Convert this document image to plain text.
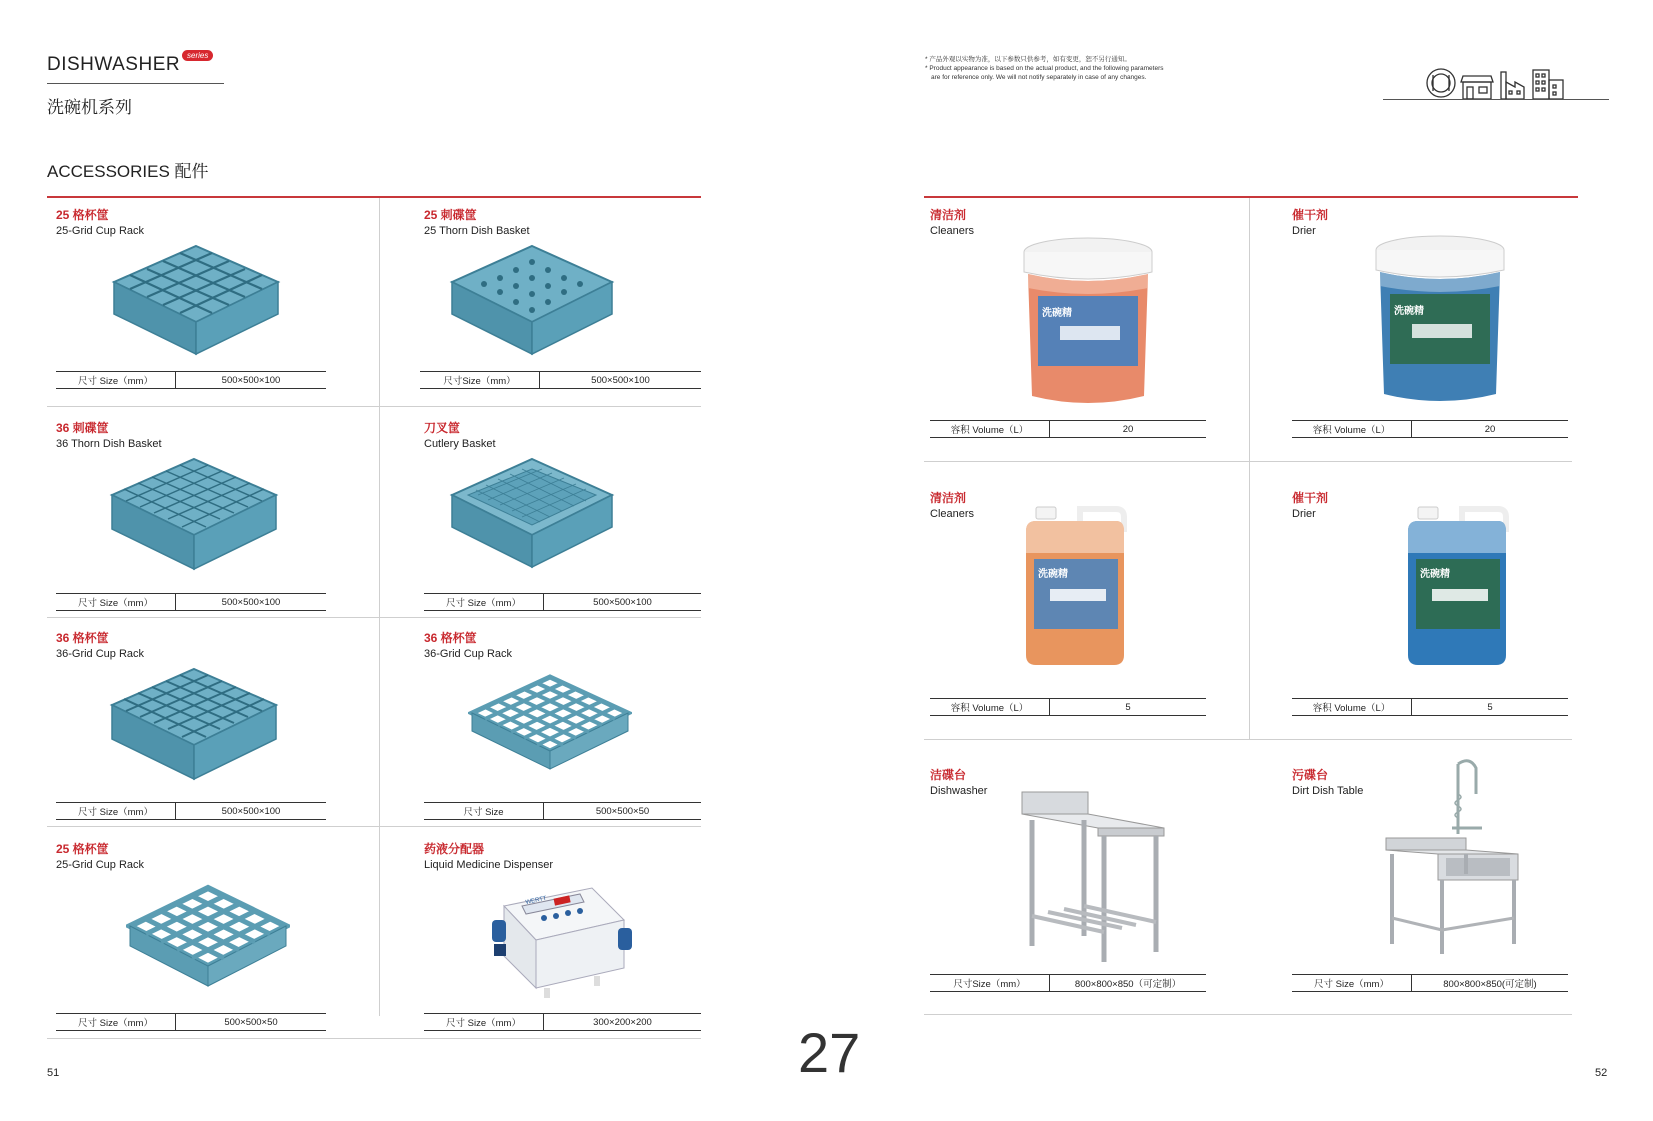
DISHWASHER series
洗碗机系列
ACCESSORIES 配件
* 产品外观以实物为准，以下参数只供参考，如有变更，恕不另行通知。
* Product appearance is based on the actual product, and the following parameters
are for reference only. We will not notify separately in case of any changes.
25 格杯筐
25-Grid Cup Rack
尺寸 Size（mm）	500×500×100
25 刺碟筐
25 Thorn Dish Basket
尺寸Size（mm）	500×500×100
36 刺碟筐
36 Thorn Dish Basket
尺寸 Size（mm）	500×500×100
刀叉筐
Cutlery Basket
尺寸 Size（mm）	500×500×100
36 格杯筐
36-Grid Cup Rack
尺寸 Size（mm）	500×500×100
36 格杯筐
36-Grid Cup Rack
尺寸 Size	500×500×50
25 格杯筐
25-Grid Cup Rack
尺寸 Size（mm）	500×500×50
药液分配器
Liquid Medicine Dispenser
WERTT
尺寸 Size（mm）	300×200×200
清洁剂
Cleaners
洗碗精
容积 Volume（L）	20
催干剂
Drier
洗碗精
容积 Volume（L）	20
清洁剂
Cleaners
洗碗精
容积 Volume（L）	5
催干剂
Drier
洗碗精
容积 Volume（L）	5
洁碟台
Dishwasher
尺寸Size（mm）	800×800×850（可定制）
污碟台
Dirt Dish Table
尺寸 Size（mm）	800×800×850(可定制)
51	27	52
